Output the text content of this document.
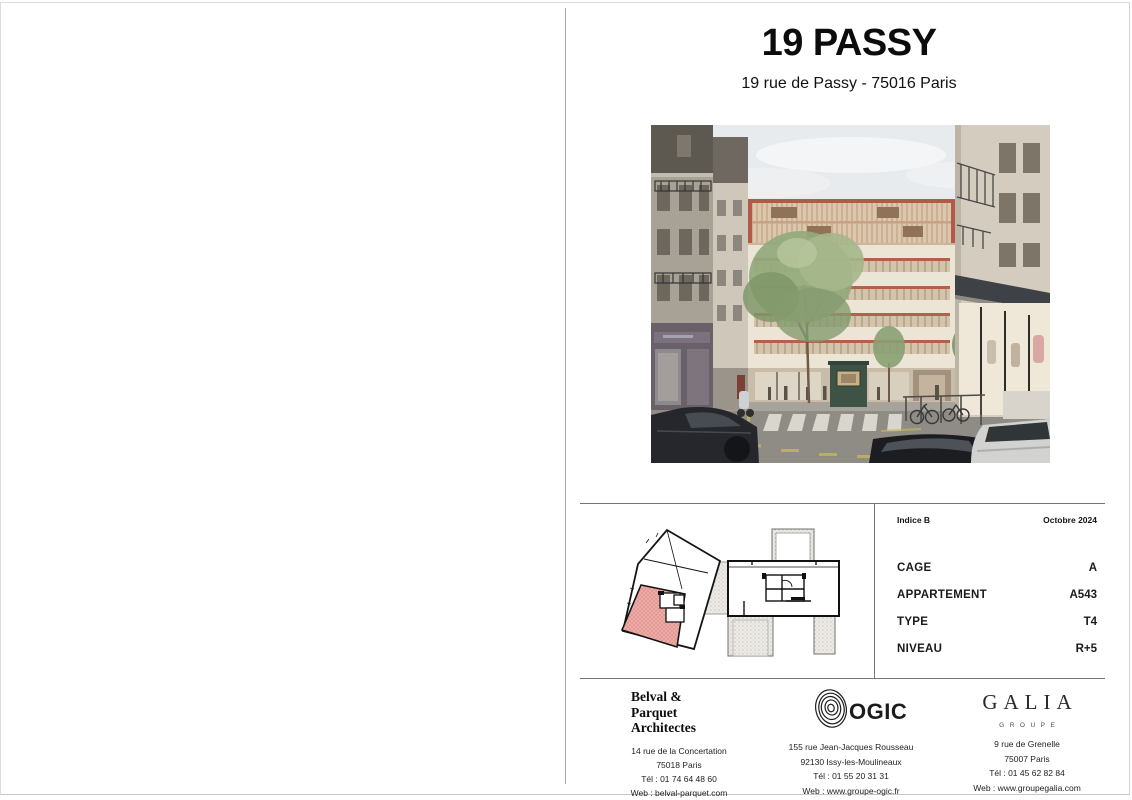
19 PASSY
19 rue de Passy - 75016 Paris
Indice B	Octobre 2024
CAGE	A
APPARTEMENT	A543
TYPE	T4
NIVEAU	R+5
Belval &
Parquet
Architectes
14 rue de la Concertation
75018 Paris
Tél : 01 74 64 48 60
Web : belval-parquet.com
OGIC
155 rue Jean-Jacques Rousseau
92130 Issy-les-Moulineaux
Tél : 01 55 20 31 31
Web : www.groupe-ogic.fr
GALIA
GROUPE
9 rue de Grenelle
75007 Paris
Tél : 01 45 62 82 84
Web : www.groupegalia.com
